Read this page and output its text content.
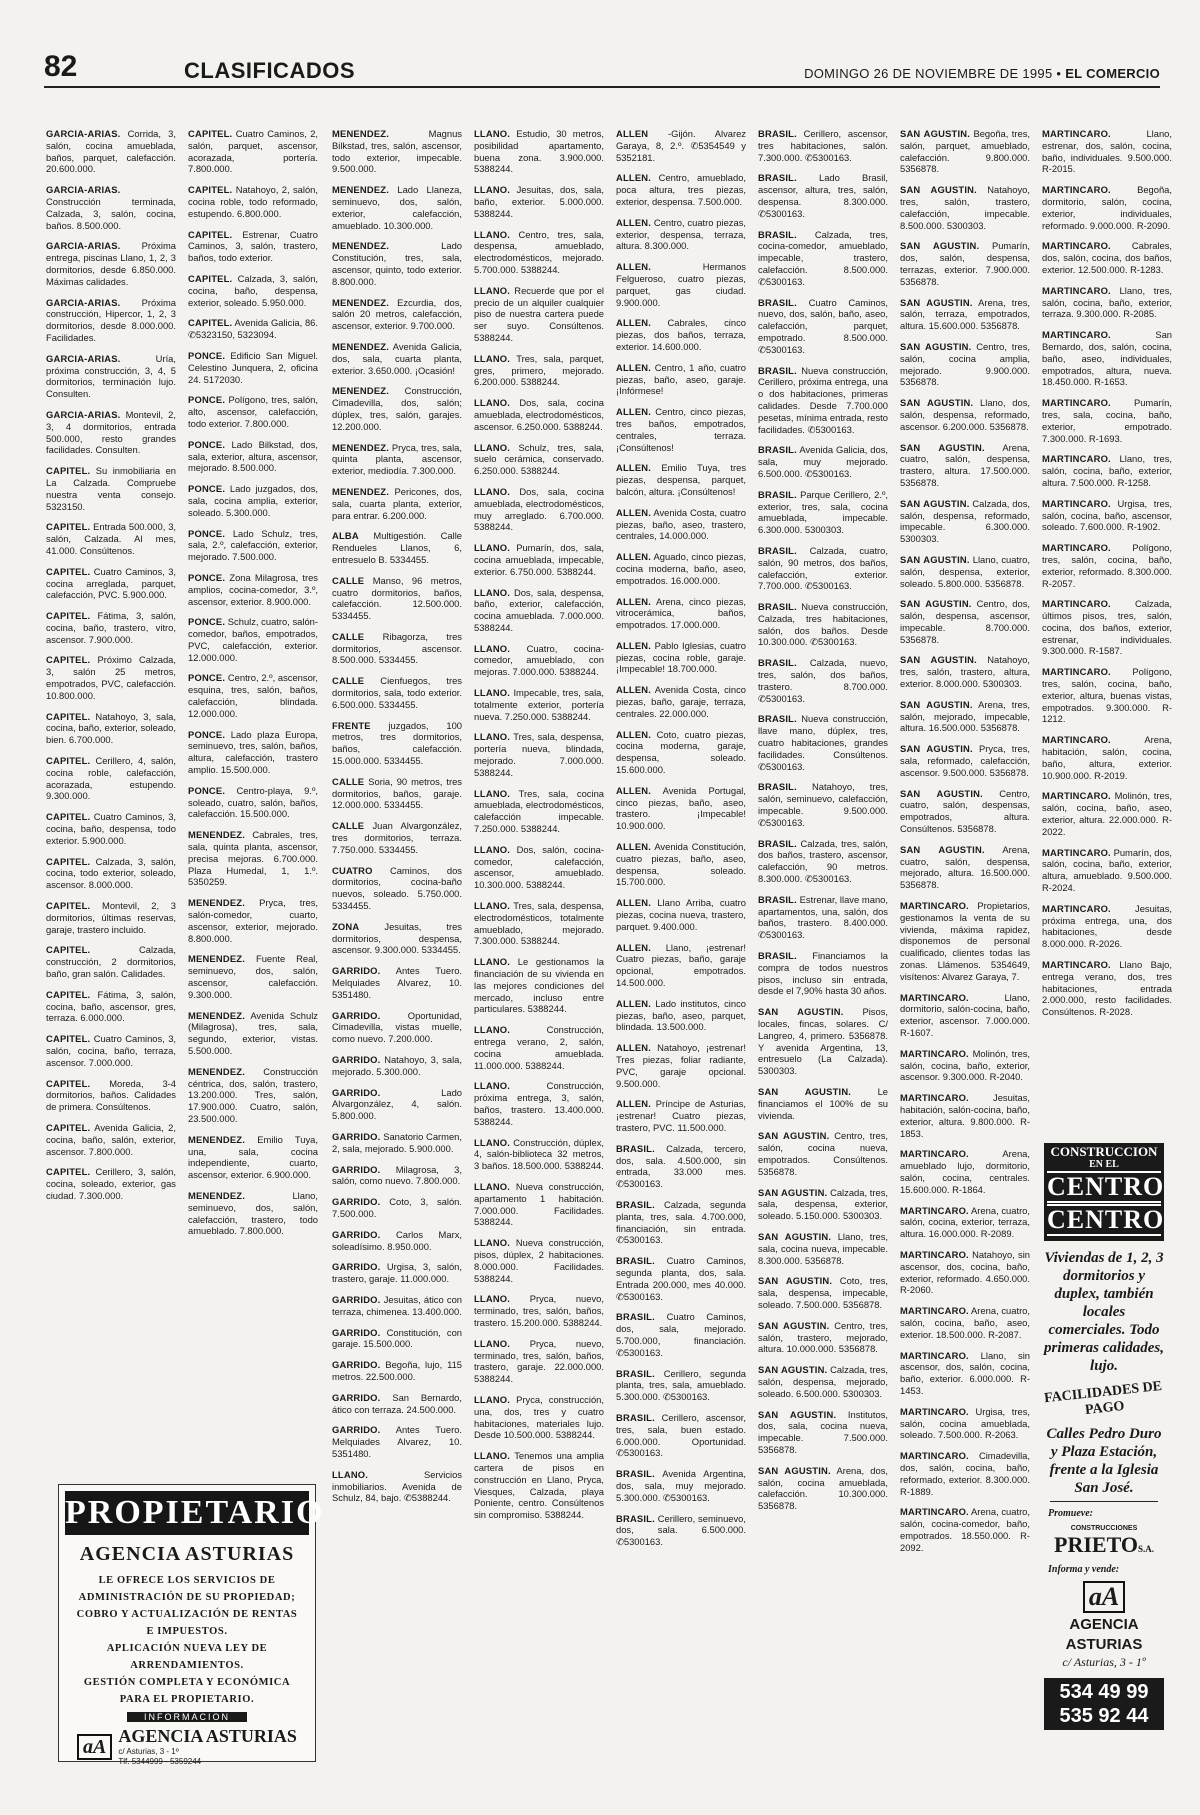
82	CLASIFICADOS	DOMINGO 26 DE NOVIEMBRE DE 1995 • EL COMERCIO
GARCIA-ARIAS. Corrida, 3, salón, cocina amueblada, baños, parquet, calefacción. 20.600.000.
GARCIA-ARIAS. Construcción terminada, Calzada, 3, salón, cocina, baños. 8.500.000.
GARCIA-ARIAS. Próxima entrega, piscinas Llano, 1, 2, 3 dormitorios, desde 6.850.000. Máximas calidades.
GARCIA-ARIAS. Próxima construcción, Hipercor, 1, 2, 3 dormitorios, desde 8.000.000. Facilidades.
GARCIA-ARIAS.	Uría, próxima construcción, 3, 4, 5 dormitorios, terminación lujo. Consulten.
GARCIA-ARIAS. Montevil, 2, 3, 4 dormitorios, entrada 500.000, resto grandes facilidades. Consulten.
CAPITEL. Su inmobiliaria en La Calzada. Compruebe nuestra venta consejo. 5323150.
CAPITEL. Entrada 500.000, 3, salón, Calzada. Al mes, 41.000. Consúltenos.
CAPITEL. Cuatro Caminos, 3, cocina arreglada, parquet, calefacción, PVC. 5.900.000.
CAPITEL. Fátima, 3, salón, cocina, baño, trastero, vitro, ascensor. 7.900.000.
CAPITEL. Próximo Calzada, 3, salón 25 metros, empotrados, PVC, calefacción. 10.800.000.
CAPITEL. Natahoyo, 3, sala, cocina, baño, exterior, soleado, bien. 6.700.000.
CAPITEL. Cerillero, 4, salón, cocina roble, calefacción, acorazada, estupendo. 9.300.000.
CAPITEL. Cuatro Caminos, 3, cocina, baño, despensa, todo exterior. 5.900.000.
CAPITEL. Calzada, 3, salón, cocina, todo exterior, soleado, ascensor. 8.000.000.
CAPITEL. Montevil, 2, 3 dormitorios, últimas reservas, garaje, trastero incluido.
CAPITEL.	Calzada, construcción, 2 dormitorios, baño, gran salón. Calidades.
CAPITEL. Fátima, 3, salón, cocina, baño, ascensor, gres, terraza. 6.000.000.
CAPITEL. Cuatro Caminos, 3, salón, cocina, baño, terraza, ascensor. 7.000.000.
CAPITEL. Moreda, 3-4 dormitorios, baños. Calidades de primera. Consúltenos.
CAPITEL. Avenida Galicia, 2, cocina, baño, salón, exterior, ascensor. 7.800.000.
CAPITEL. Cerillero, 3, salón, cocina, soleado, exterior, gas ciudad. 7.300.000.
CAPITEL. Cuatro Caminos, 2, salón, parquet, ascensor, acorazada, portería. 7.800.000.
CAPITEL. Natahoyo, 2, salón, cocina roble, todo reformado, estupendo. 6.800.000.
CAPITEL. Estrenar, Cuatro Caminos, 3, salón, trastero, baños, todo exterior.
CAPITEL. Calzada, 3, salón, cocina, baño, despensa, exterior, soleado. 5.950.000.
CAPITEL. Avenida Galicia, 86. ✆5323150, 5323094.
PONCE. Edificio San Miguel. Celestino Junquera, 2, oficina 24. 5172030.
PONCE. Polígono, tres, salón, alto, ascensor, calefacción, todo exterior. 7.800.000.
PONCE. Lado Bilkstad, dos, sala, exterior, altura, ascensor, mejorado. 8.500.000.
PONCE. Lado juzgados, dos, sala, cocina amplia, exterior, soleado. 5.300.000.
PONCE. Lado Schulz, tres, sala, 2.º, calefacción, exterior, mejorado. 7.500.000.
PONCE. Zona Milagrosa, tres amplios, cocina-comedor, 3.º, ascensor, exterior. 8.900.000.
PONCE. Schulz, cuatro, salón-comedor, baños, empotrados, PVC, calefacción, exterior. 12.000.000.
PONCE. Centro, 2.º, ascensor, esquina, tres, salón, baños, calefacción, blindada. 12.000.000.
PONCE. Lado plaza Europa, seminuevo, tres, salón, baños, altura, calefacción, trastero amplio. 15.500.000.
PONCE. Centro-playa, 9.º, soleado, cuatro, salón, baños, calefacción. 15.500.000.
MENENDEZ. Cabrales, tres, sala, quinta planta, ascensor, precisa mejoras. 6.700.000. Plaza Humedal, 1, 1.º. 5350259.
MENENDEZ. Pryca, tres, salón-comedor, cuarto, ascensor, exterior, mejorado. 8.800.000.
MENENDEZ. Fuente Real, seminuevo, dos, salón, ascensor, calefacción. 9.300.000.
MENENDEZ. Avenida Schulz (Milagrosa), tres, sala, segundo, exterior, vistas. 5.500.000.
MENENDEZ. Construcción céntrica, dos, salón, trastero, 13.200.000. Tres, salón, 17.900.000. Cuatro, salón, 23.500.000.
MENENDEZ. Emilio Tuya, una, sala, cocina independiente, cuarto, ascensor, exterior. 6.900.000.
MENENDEZ.	Llano, seminuevo, dos, salón, calefacción, trastero, todo amueblado. 7.800.000.
MENENDEZ.	Magnus Bilkstad, tres, salón, ascensor, todo exterior, impecable. 9.500.000.
MENENDEZ. Lado Llaneza, seminuevo, dos, salón, exterior, calefacción, amueblado. 10.300.000.
MENENDEZ.	Lado Constitución, tres, sala, ascensor, quinto, todo exterior. 8.800.000.
MENENDEZ. Ezcurdia, dos, salón 20 metros, calefacción, ascensor, exterior. 9.700.000.
MENENDEZ. Avenida Galicia, dos, sala, cuarta planta, exterior. 3.650.000. ¡Ocasión!
MENENDEZ. Construcción, Cimadevilla, dos, salón; dúplex, tres, salón, garajes. 12.200.000.
MENENDEZ. Pryca, tres, sala, quinta planta, ascensor, exterior, mediodía. 7.300.000.
MENENDEZ. Pericones, dos, sala, cuarta planta, exterior, para entrar. 6.200.000.
ALBA Multigestión. Calle Rendueles Llanos, 6, entresuelo B. 5334455.
CALLE Manso, 96 metros, cuatro dormitorios, baños, calefacción. 12.500.000. 5334455.
CALLE Ribagorza, tres dormitorios, ascensor. 8.500.000. 5334455.
CALLE Cienfuegos, tres dormitorios, sala, todo exterior. 6.500.000. 5334455.
FRENTE juzgados, 100 metros, tres dormitorios, baños, calefacción. 15.000.000. 5334455.
CALLE Soria, 90 metros, tres dormitorios, baños, garaje. 12.000.000. 5334455.
CALLE Juan Alvargonzález, tres dormitorios, terraza. 7.750.000. 5334455.
CUATRO Caminos, dos dormitorios, cocina-baño nuevos, soleado. 5.750.000. 5334455.
ZONA	Jesuitas, tres dormitorios, despensa, ascensor. 9.300.000. 5334455.
GARRIDO. Antes Tuero. Melquiades Alvarez, 10. 5351480.
GARRIDO.	Oportunidad, Cimadevilla, vistas muelle, como nuevo. 7.200.000.
GARRIDO. Natahoyo, 3, sala, mejorado. 5.300.000.
GARRIDO.	Lado Alvargonzález, 4, salón. 5.800.000.
GARRIDO. Sanatorio Carmen, 2, sala, mejorado. 5.900.000.
GARRIDO. Milagrosa, 3, salón, como nuevo. 7.800.000.
GARRIDO. Coto, 3, salón. 7.500.000.
GARRIDO. Carlos Marx, soleadísimo. 8.950.000.
GARRIDO. Urgisa, 3, salón, trastero, garaje. 11.000.000.
GARRIDO. Jesuitas, ático con terraza, chimenea. 13.400.000.
GARRIDO. Constitución, con garaje. 15.500.000.
GARRIDO. Begoña, lujo, 115 metros. 22.500.000.
GARRIDO. San Bernardo, ático con terraza. 24.500.000.
GARRIDO. Antes Tuero. Melquiades Alvarez, 10. 5351480.
LLANO.	Servicios inmobiliarios. Avenida de Schulz, 84, bajo. ✆5388244.
LLANO. Estudio, 30 metros, posibilidad apartamento, buena zona. 3.900.000. 5388244.
LLANO. Jesuitas, dos, sala, baño, exterior. 5.000.000. 5388244.
LLANO. Centro, tres, sala, despensa, amueblado, electrodomésticos, mejorado. 5.700.000. 5388244.
LLANO. Recuerde que por el precio de un alquiler cualquier piso de nuestra cartera puede ser suyo. Consúltenos. 5388244.
LLANO. Tres, sala, parquet, gres, primero, mejorado. 6.200.000. 5388244.
LLANO. Dos, sala, cocina amueblada, electrodomésticos, ascensor. 6.250.000. 5388244.
LLANO. Schulz, tres, sala, suelo cerámica, conservado. 6.250.000. 5388244.
LLANO. Dos, sala, cocina amueblada, electrodomésticos, muy arreglado. 6.700.000. 5388244.
LLANO. Pumarín, dos, sala, cocina amueblada, impecable, exterior. 6.750.000. 5388244.
LLANO. Dos, sala, despensa, baño, exterior, calefacción, cocina amueblada. 7.000.000. 5388244.
LLANO. Cuatro, cocina-comedor, amueblado, con mejoras. 7.000.000. 5388244.
LLANO. Impecable, tres, sala, totalmente exterior, portería nueva. 7.250.000. 5388244.
LLANO. Tres, sala, despensa, portería nueva, blindada, mejorado. 7.000.000. 5388244.
LLANO. Tres, sala, cocina amueblada, electrodomésticos, calefacción impecable. 7.250.000. 5388244.
LLANO. Dos, salón, cocina-comedor, calefacción, ascensor, amueblado. 10.300.000. 5388244.
LLANO. Tres, sala, despensa, electrodomésticos, totalmente amueblado, mejorado. 7.300.000. 5388244.
LLANO. Le gestionamos la financiación de su vivienda en las mejores condiciones del mercado, incluso entre particulares. 5388244.
LLANO.	Construcción, entrega verano, 2, salón, cocina amueblada. 11.000.000. 5388244.
LLANO.	Construcción, próxima entrega, 3, salón, baños, trastero. 13.400.000. 5388244.
LLANO. Construcción, dúplex, 4, salón-biblioteca 32 metros, 3 baños. 18.500.000. 5388244.
LLANO. Nueva construcción, apartamento 1 habitación. 7.000.000. Facilidades. 5388244.
LLANO. Nueva construcción, pisos, dúplex, 2 habitaciones. 8.000.000. Facilidades. 5388244.
LLANO. Pryca, nuevo, terminado, tres, salón, baños, trastero. 15.200.000. 5388244.
LLANO. Pryca, nuevo, terminado, tres, salón, baños, trastero, garaje. 22.000.000. 5388244.
LLANO. Pryca, construcción, una, dos, tres y cuatro habitaciones, materiales lujo. Desde 10.500.000. 5388244.
LLANO. Tenemos una amplia cartera de pisos en construcción en Llano, Pryca, Viesques, Calzada, playa Poniente, centro. Consúltenos sin compromiso. 5388244.
ALLEN -Gijón. Alvarez Garaya, 8, 2.º. ✆5354549 y 5352181.
ALLEN. Centro, amueblado, poca altura, tres piezas, exterior, despensa. 7.500.000.
ALLEN. Centro, cuatro piezas, exterior, despensa, terraza, altura. 8.300.000.
ALLEN.	Hermanos Felgueroso, cuatro piezas, parquet, gas ciudad. 9.900.000.
ALLEN. Cabrales, cinco piezas, dos baños, terraza, exterior. 14.600.000.
ALLEN. Centro, 1 año, cuatro piezas, baño, aseo, garaje. ¡Infórmese!
ALLEN. Centro, cinco piezas, tres baños, empotrados, centrales, terraza. ¡Consúltenos!
ALLEN. Emilio Tuya, tres piezas, despensa, parquet, balcón, altura. ¡Consúltenos!
ALLEN. Avenida Costa, cuatro piezas, baño, aseo, trastero, centrales, 14.000.000.
ALLEN. Aguado, cinco piezas, cocina moderna, baño, aseo, empotrados. 16.000.000.
ALLEN. Arena, cinco piezas, vitrocerámica, baños, empotrados. 17.000.000.
ALLEN. Pablo Iglesias, cuatro piezas, cocina roble, garaje. ¡Impecable! 18.700.000.
ALLEN. Avenida Costa, cinco piezas, baño, garaje, terraza, centrales. 22.000.000.
ALLEN. Coto, cuatro piezas, cocina moderna, garaje, despensa, soleado. 15.600.000.
ALLEN. Avenida Portugal, cinco piezas, baño, aseo, trastero. ¡Impecable! 10.900.000.
ALLEN. Avenida Constitución, cuatro piezas, baño, aseo, despensa, soleado. 15.700.000.
ALLEN. Llano Arriba, cuatro piezas, cocina nueva, trastero, parquet. 9.400.000.
ALLEN. Llano, ¡estrenar! Cuatro piezas, baño, garaje opcional, empotrados. 14.500.000.
ALLEN. Lado institutos, cinco piezas, baño, aseo, parquet, blindada. 13.500.000.
ALLEN. Natahoyo, ¡estrenar! Tres piezas, foliar radiante, PVC, garaje opcional. 9.500.000.
ALLEN. Príncipe de Asturias, ¡estrenar! Cuatro piezas, trastero, PVC. 11.500.000.
BRASIL. Calzada, tercero, dos, sala. 4.500.000, sin entrada, 33.000 mes. ✆5300163.
BRASIL. Calzada, segunda planta, tres, sala. 4.700.000, financiación, sin entrada. ✆5300163.
BRASIL. Cuatro Caminos, segunda planta, dos, sala. Entrada 200.000, mes 40.000. ✆5300163.
BRASIL. Cuatro Caminos, dos, sala, mejorado. 5.700.000, financiación. ✆5300163.
BRASIL. Cerillero, segunda planta, tres, sala, amueblado. 5.300.000. ✆5300163.
BRASIL. Cerillero, ascensor, tres, sala, buen estado. 6.000.000. Oportunidad. ✆5300163.
BRASIL. Avenida Argentina, dos, sala, muy mejorado. 5.300.000. ✆5300163.
BRASIL. Cerillero, seminuevo, dos, sala. 6.500.000. ✆5300163.
BRASIL. Cerillero, ascensor, tres habitaciones, salón. 7.300.000. ✆5300163.
BRASIL. Lado Brasil, ascensor, altura, tres, salón, despensa. 8.300.000. ✆5300163.
BRASIL. Calzada, tres, cocina-comedor, amueblado, impecable, trastero, calefacción. 8.500.000. ✆5300163.
BRASIL. Cuatro Caminos, nuevo, dos, salón, baño, aseo, calefacción, parquet, empotrado. 8.500.000. ✆5300163.
BRASIL. Nueva construcción, Cerillero, próxima entrega, una o dos habitaciones, primeras calidades. Desde 7.700.000 pesetas, mínima entrada, resto facilidades. ✆5300163.
BRASIL. Avenida Galicia, dos, sala, muy mejorado. 6.500.000. ✆5300163.
BRASIL. Parque Cerillero, 2.º, exterior, tres, sala, cocina amueblada, impecable. 6.300.000. 5300303.
BRASIL. Calzada, cuatro, salón, 90 metros, dos baños, calefacción, exterior. 7.700.000. ✆5300163.
BRASIL. Nueva construcción, Calzada, tres habitaciones, salón, dos baños. Desde 10.300.000. ✆5300163.
BRASIL. Calzada, nuevo, tres, salón, dos baños, trastero. 8.700.000. ✆5300163.
BRASIL. Nueva construcción, llave mano, dúplex, tres, cuatro habitaciones, grandes facilidades. Consúltenos. ✆5300163.
BRASIL. Natahoyo, tres, salón, seminuevo, calefacción, impecable. 9.500.000. ✆5300163.
BRASIL. Calzada, tres, salón, dos baños, trastero, ascensor, calefacción, 90 metros. 8.300.000. ✆5300163.
BRASIL. Estrenar, llave mano, apartamentos, una, salón, dos baños, trastero. 8.400.000. ✆5300163.
BRASIL. Financiamos la compra de todos nuestros pisos, incluso sin entrada, desde el 7,90% hasta 30 años.
SAN AGUSTIN. Pisos, locales, fincas, solares. C/ Langreo, 4, primero. 5356878. Y avenida Argentina, 13, entresuelo (La Calzada). 5300303.
SAN AGUSTIN.	Le financiamos el 100% de su vivienda.
SAN AGUSTIN. Centro, tres, salón, cocina nueva, empotrados. Consúltenos. 5356878.
SAN AGUSTIN. Calzada, tres, sala, despensa, exterior, soleado. 5.150.000. 5300303.
SAN AGUSTIN. Llano, tres, sala, cocina nueva, impecable. 8.300.000. 5356878.
SAN AGUSTIN. Coto, tres, sala, despensa, impecable, soleado. 7.500.000. 5356878.
SAN AGUSTIN. Centro, tres, salón, trastero, mejorado, altura. 10.000.000. 5356878.
SAN AGUSTIN. Calzada, tres, salón, despensa, mejorado, soleado. 6.500.000. 5300303.
SAN AGUSTIN. Institutos, dos, sala, cocina nueva, impecable. 7.500.000. 5356878.
SAN AGUSTIN. Arena, dos, salón, cocina amueblada, calefacción. 10.300.000. 5356878.
SAN AGUSTIN. Begoña, tres, salón, parquet, amueblado, calefacción. 9.800.000. 5356878.
SAN AGUSTIN. Natahoyo, tres, salón, trastero, calefacción, impecable. 8.500.000. 5300303.
SAN AGUSTIN. Pumarín, dos, salón, despensa, terrazas, exterior. 7.900.000. 5356878.
SAN AGUSTIN. Arena, tres, salón, terraza, empotrados, altura. 15.600.000. 5356878.
SAN AGUSTIN. Centro, tres, salón, cocina amplia, mejorado. 9.900.000. 5356878.
SAN AGUSTIN. Llano, dos, salón, despensa, reformado, ascensor. 6.200.000. 5356878.
SAN AGUSTIN. Arena, cuatro, salón, despensa, trastero, altura. 17.500.000. 5356878.
SAN AGUSTIN. Calzada, dos, salón, despensa, reformado, impecable. 6.300.000. 5300303.
SAN AGUSTIN. Llano, cuatro, salón, despensa, exterior, soleado. 5.800.000. 5356878.
SAN AGUSTIN. Centro, dos, salón, despensa, ascensor, impecable. 8.700.000. 5356878.
SAN AGUSTIN. Natahoyo, tres, salón, trastero, altura, exterior. 8.000.000. 5300303.
SAN AGUSTIN. Arena, tres, salón, mejorado, impecable, altura. 16.500.000. 5356878.
SAN AGUSTIN. Pryca, tres, sala, reformado, calefacción, ascensor. 9.500.000. 5356878.
SAN AGUSTIN. Centro, cuatro, salón, despensas, empotrados, altura. Consúltenos. 5356878.
SAN AGUSTIN. Arena, cuatro, salón, despensa, mejorado, altura. 16.500.000. 5356878.
MARTINCARO. Propietarios, gestionamos la venta de su vivienda, máxima rapidez, disponemos de personal cualificado, clientes todas las zonas. Llámenos. 5354649, visítenos: Alvarez Garaya, 7.
MARTINCARO.	Llano, dormitorio, salón-cocina, baño, exterior, ascensor. 7.000.000. R-1607.
MARTINCARO. Molinón, tres, salón, cocina, baño, exterior, ascensor. 9.300.000. R-2040.
MARTINCARO.	Jesuitas, habitación, salón-cocina, baño, exterior, altura. 9.800.000. R-1853.
MARTINCARO.	Arena, amueblado lujo, dormitorio, salón, cocina, centrales. 15.600.000. R-1864.
MARTINCARO. Arena, cuatro, salón, cocina, exterior, terraza, altura. 16.000.000. R-2089.
MARTINCARO. Natahoyo, sin ascensor, dos, cocina, baño, exterior, reformado. 4.650.000. R-2060.
MARTINCARO. Arena, cuatro, salón, cocina, baño, aseo, exterior. 18.500.000. R-2087.
MARTINCARO. Llano, sin ascensor, dos, salón, cocina, baño, exterior. 6.000.000. R-1453.
MARTINCARO. Urgisa, tres, salón, cocina amueblada, soleado. 7.500.000. R-2063.
MARTINCARO. Cimadevilla, dos, salón, cocina, baño, reformado, exterior. 8.300.000. R-1889.
MARTINCARO. Arena, cuatro, salón, cocina-comedor, baño, empotrados. 18.550.000. R-2092.
MARTINCARO.	Llano, estrenar, dos, salón, cocina, baño, individuales. 9.500.000. R-2015.
MARTINCARO.	Begoña, dormitorio, salón, cocina, exterior, individuales, reformado. 9.000.000. R-2090.
MARTINCARO. Cabrales, dos, salón, cocina, dos baños, exterior. 12.500.000. R-1283.
MARTINCARO. Llano, tres, salón, cocina, baño, exterior, terraza. 9.300.000. R-2085.
MARTINCARO.	San Bernardo, dos, salón, cocina, baño, aseo, individuales, empotrados, altura, nueva. 18.450.000. R-1653.
MARTINCARO. Pumarín, tres, sala, cocina, baño, exterior, empotrado. 7.300.000. R-1693.
MARTINCARO. Llano, tres, salón, cocina, baño, exterior, altura. 7.500.000. R-1258.
MARTINCARO. Urgisa, tres, salón, cocina, baño, ascensor, soleado. 7.600.000. R-1902.
MARTINCARO. Polígono, tres, salón, cocina, baño, exterior, reformado. 8.300.000. R-2057.
MARTINCARO.	Calzada, últimos pisos, tres, salón, cocina, dos baños, exterior, estrenar, individuales. 9.300.000. R-1587.
MARTINCARO. Polígono, tres, salón, cocina, baño, exterior, altura, buenas vistas, empotrados. 9.300.000. R-1212.
MARTINCARO.	Arena, habitación, salón, cocina, baño, altura, exterior. 10.900.000. R-2019.
MARTINCARO. Molinón, tres, salón, cocina, baño, aseo, exterior, altura. 22.000.000. R-2022.
MARTINCARO. Pumarín, dos, salón, cocina, baño, exterior, altura, amueblado. 9.500.000. R-2024.
MARTINCARO.	Jesuitas, próxima entrega, una, dos habitaciones, desde 8.000.000. R-2026.
MARTINCARO. Llano Bajo, entrega verano, dos, tres habitaciones, entrada 2.000.000, resto facilidades. Consúltenos. R-2028.
PROPIETARIO
AGENCIA ASTURIAS
LE OFRECE LOS SERVICIOS DE
ADMINISTRACIÓN DE SU PROPIEDAD;
COBRO Y ACTUALIZACIÓN DE RENTAS
E IMPUESTOS.
APLICACIÓN NUEVA LEY DE
ARRENDAMIENTOS.
GESTIÓN COMPLETA Y ECONÓMICA
PARA EL PROPIETARIO.
INFORMACION
aA AGENCIA ASTURIAS
c/ Asturias, 3 - 1º
Tlf. 5344999 - 5359244
CONSTRUCCION
EN EL
CENTRO
CENTRO
Viviendas de 1, 2, 3 dormitorios y duplex, también locales comerciales. Todo primeras calidades, lujo.
FACILIDADES DE PAGO
Calles Pedro Duro y Plaza Estación, frente a la Iglesia San José.
Promueve:
CONSTRUCCIONES
PRIETOS.A.
Informa y vende:
aA
AGENCIA
ASTURIAS
c/ Asturias, 3 - 1º
534 49 99
535 92 44
